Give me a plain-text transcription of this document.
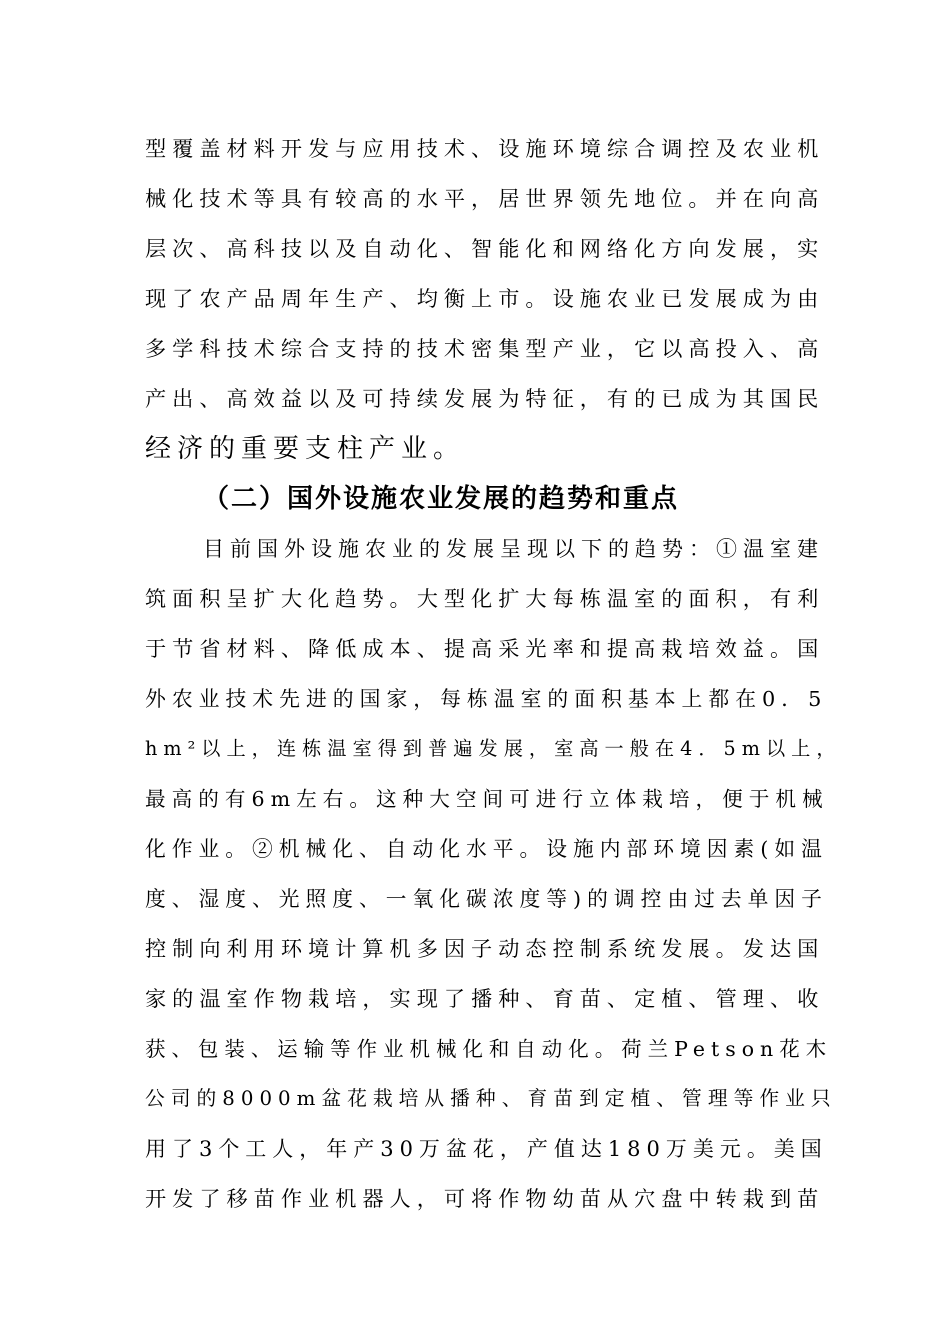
型覆盖材料开发与应用技术、设施环境综合调控及农业机
械化技术等具有较高的水平，居世界领先地位。并在向高
层次、高科技以及自动化、智能化和网络化方向发展，实
现了农产品周年生产、均衡上市。设施农业已发展成为由
多学科技术综合支持的技术密集型产业，它以高投入、高
产出、高效益以及可持续发展为特征，有的已成为其国民
经济的重要支柱产业。
（二）国外设施农业发展的趋势和重点
目前国外设施农业的发展呈现以下的趋势：①温室建
筑面积呈扩大化趋势。大型化扩大每栋温室的面积，有利
于节省材料、降低成本、提高采光率和提高栽培效益。国
外农业技术先进的国家，每栋温室的面积基本上都在0．5
hm²以上，连栋温室得到普遍发展，室高一般在4．5m以上，
最高的有6m左右。这种大空间可进行立体栽培，便于机械
化作业。②机械化、自动化水平。设施内部环境因素(如温
度、湿度、光照度、一氧化碳浓度等)的调控由过去单因子
控制向利用环境计算机多因子动态控制系统发展。发达国
家的温室作物栽培，实现了播种、育苗、定植、管理、收
获、包装、运输等作业机械化和自动化。荷兰Petson花木
公司的8000m盆花栽培从播种、育苗到定植、管理等作业只
用了3个工人，年产30万盆花，产值达180万美元。美国
开发了移苗作业机器人，可将作物幼苗从穴盘中转栽到苗
